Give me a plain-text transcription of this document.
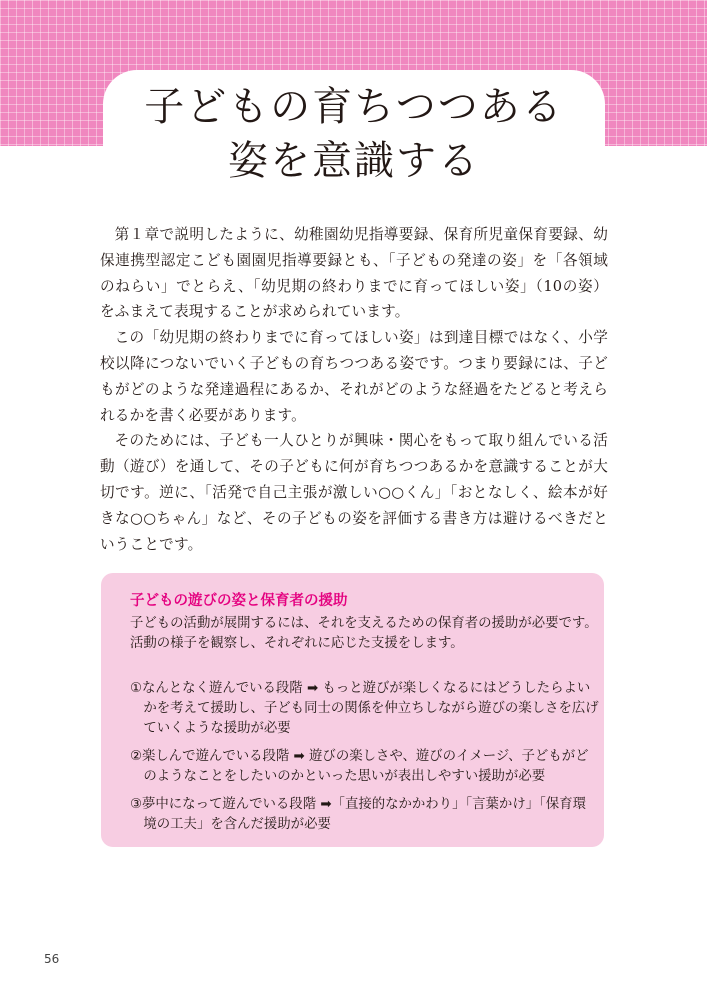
子どもの育ちつつある
姿を意識する

第１章で説明したように、幼稚園幼児指導要録、保育所児童保育要録、幼保連携型認定こども園園児指導要録とも、「子どもの発達の姿」を「各領域のねらい」でとらえ、「幼児期の終わりまでに育ってほしい姿」（10の姿）をふまえて表現することが求められています。

この「幼児期の終わりまでに育ってほしい姿」は到達目標ではなく、小学校以降につないでいく子どもの育ちつつある姿です。つまり要録には、子どもがどのような発達過程にあるか、それがどのような経過をたどると考えられるかを書く必要があります。

そのためには、子ども一人ひとりが興味・関心をもって取り組んでいる活動（遊び）を通して、その子どもに何が育ちつつあるかを意識することが大切です。逆に、「活発で自己主張が激しい○○くん」「おとなしく、絵本が好きな○○ちゃん」など、その子どもの姿を評価する書き方は避けるべきだということです。

子どもの遊びの姿と保育者の援助
子どもの活動が展開するには、それを支えるための保育者の援助が必要です。
活動の様子を観察し、それぞれに応じた支援をします。
①なんとなく遊んでいる段階 ➡ もっと遊びが楽しくなるにはどうしたらよい
かを考えて援助し、子ども同士の関係を仲立ちしながら遊びの楽しさを広げ
ていくような援助が必要
②楽しんで遊んでいる段階 ➡ 遊びの楽しさや、遊びのイメージ、子どもがど
のようなことをしたいのかといった思いが表出しやすい援助が必要
③夢中になって遊んでいる段階 ➡「直接的なかかわり」「言葉かけ」「保育環
境の工夫」を含んだ援助が必要
56
